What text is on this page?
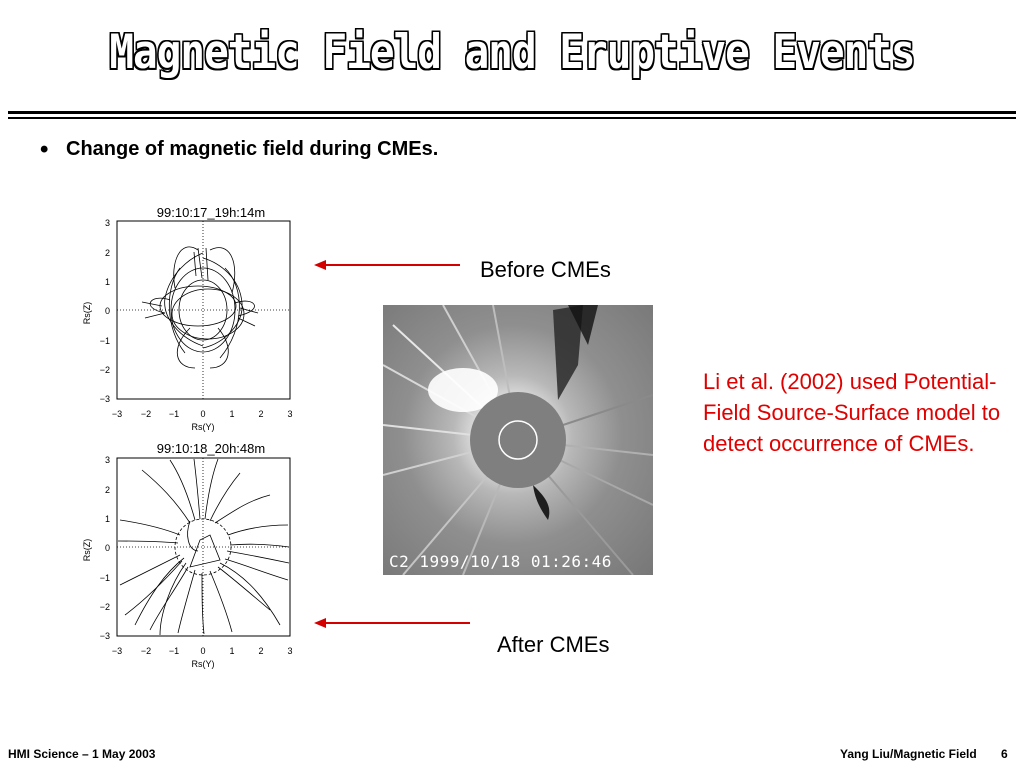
Magnetic Field and Eruptive Events
• Change of magnetic field during CMEs.
99:10:17_19h:14m
3
2
1
0
−1
−2
−3
−3 −2 −1 0	1	2	3
Rs(Y)
Rs(Z)
99:10:18_20h:48m
3
2
1
0
−1
−2
−3
−3 −2 −1 0	1	2	3
Rs(Y)
Rs(Z)
Before CMEs
After CMEs
C2 1999/10/18 01:26:46
Li et al. (2002) used Potential-Field Source-Surface model to detect occurrence of CMEs.
HMI Science – 1 May 2003	Yang Liu/Magnetic Field 6
